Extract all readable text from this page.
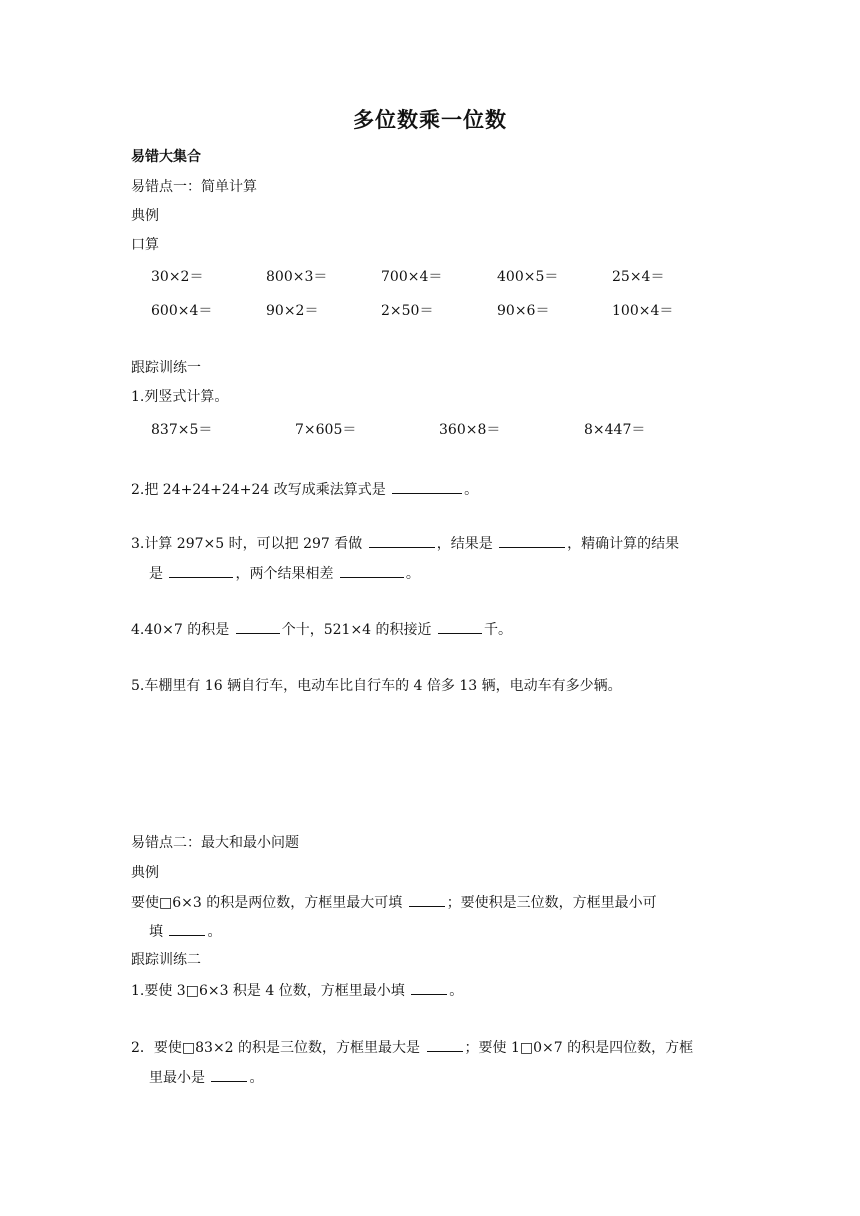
多位数乘一位数
易错大集合
易错点一：简单计算
典例
口算
30×2＝	800×3＝	700×4＝	400×5＝	25×4＝
600×4＝	90×2＝	2×50＝	90×6＝	100×4＝
跟踪训练一
1.列竖式计算。
837×5＝	7×605＝	360×8＝	8×447＝
2.把 24+24+24+24 改写成乘法算式是	。
3.计算 297×5 时，可以把 297 看做	，结果是	，精确计算的结果
是	，两个结果相差	。
4.40×7 的积是	个十，521×4 的积接近	千。
5.车棚里有 16 辆自行车，电动车比自行车的 4 倍多 13 辆，电动车有多少辆。
易错点二：最大和最小问题
典例
要使□6×3 的积是两位数，方框里最大可填	；要使积是三位数，方框里最小可
填	。
跟踪训练二
1.要使 3□6×3 积是 4 位数，方框里最小填	。
2．要使□83×2 的积是三位数，方框里最大是	；要使 1□0×7 的积是四位数，方框
里最小是	。
